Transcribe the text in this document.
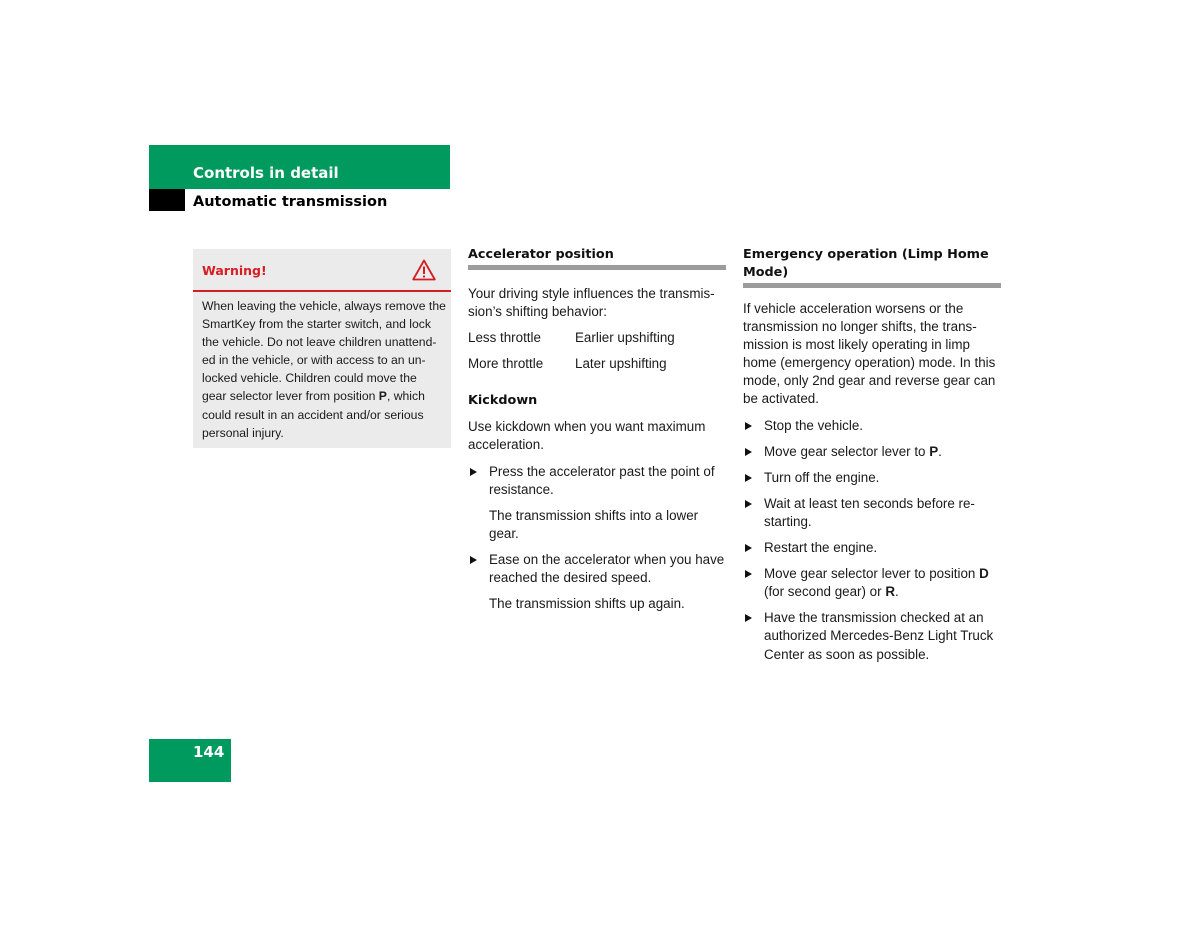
Controls in detail
Automatic transmission
Warning!
When leaving the vehicle, always remove the
SmartKey from the starter switch, and lock
the vehicle. Do not leave children unattend-
ed in the vehicle, or with access to an un-
locked vehicle. Children could move the
gear selector lever from position P, which
could result in an accident and/or serious
personal injury.
Accelerator position

Your driving style influences the transmis-
sion’s shifting behavior:

Less throttle	Earlier upshifting
More throttle	Later upshifting
Kickdown

Use kickdown when you want maximum
acceleration.

Press the accelerator past the point of
resistance.
The transmission shifts into a lower
gear.
Ease on the accelerator when you have
reached the desired speed.
The transmission shifts up again.
Emergency operation (Limp Home
Mode)

If vehicle acceleration worsens or the
transmission no longer shifts, the trans-
mission is most likely operating in limp
home (emergency operation) mode. In this
mode, only 2nd gear and reverse gear can
be activated.

Stop the vehicle.
Move gear selector lever to P.
Turn off the engine.
Wait at least ten seconds before re-
starting.
Restart the engine.
Move gear selector lever to position D
(for second gear) or R.
Have the transmission checked at an
authorized Mercedes-Benz Light Truck
Center as soon as possible.
144
